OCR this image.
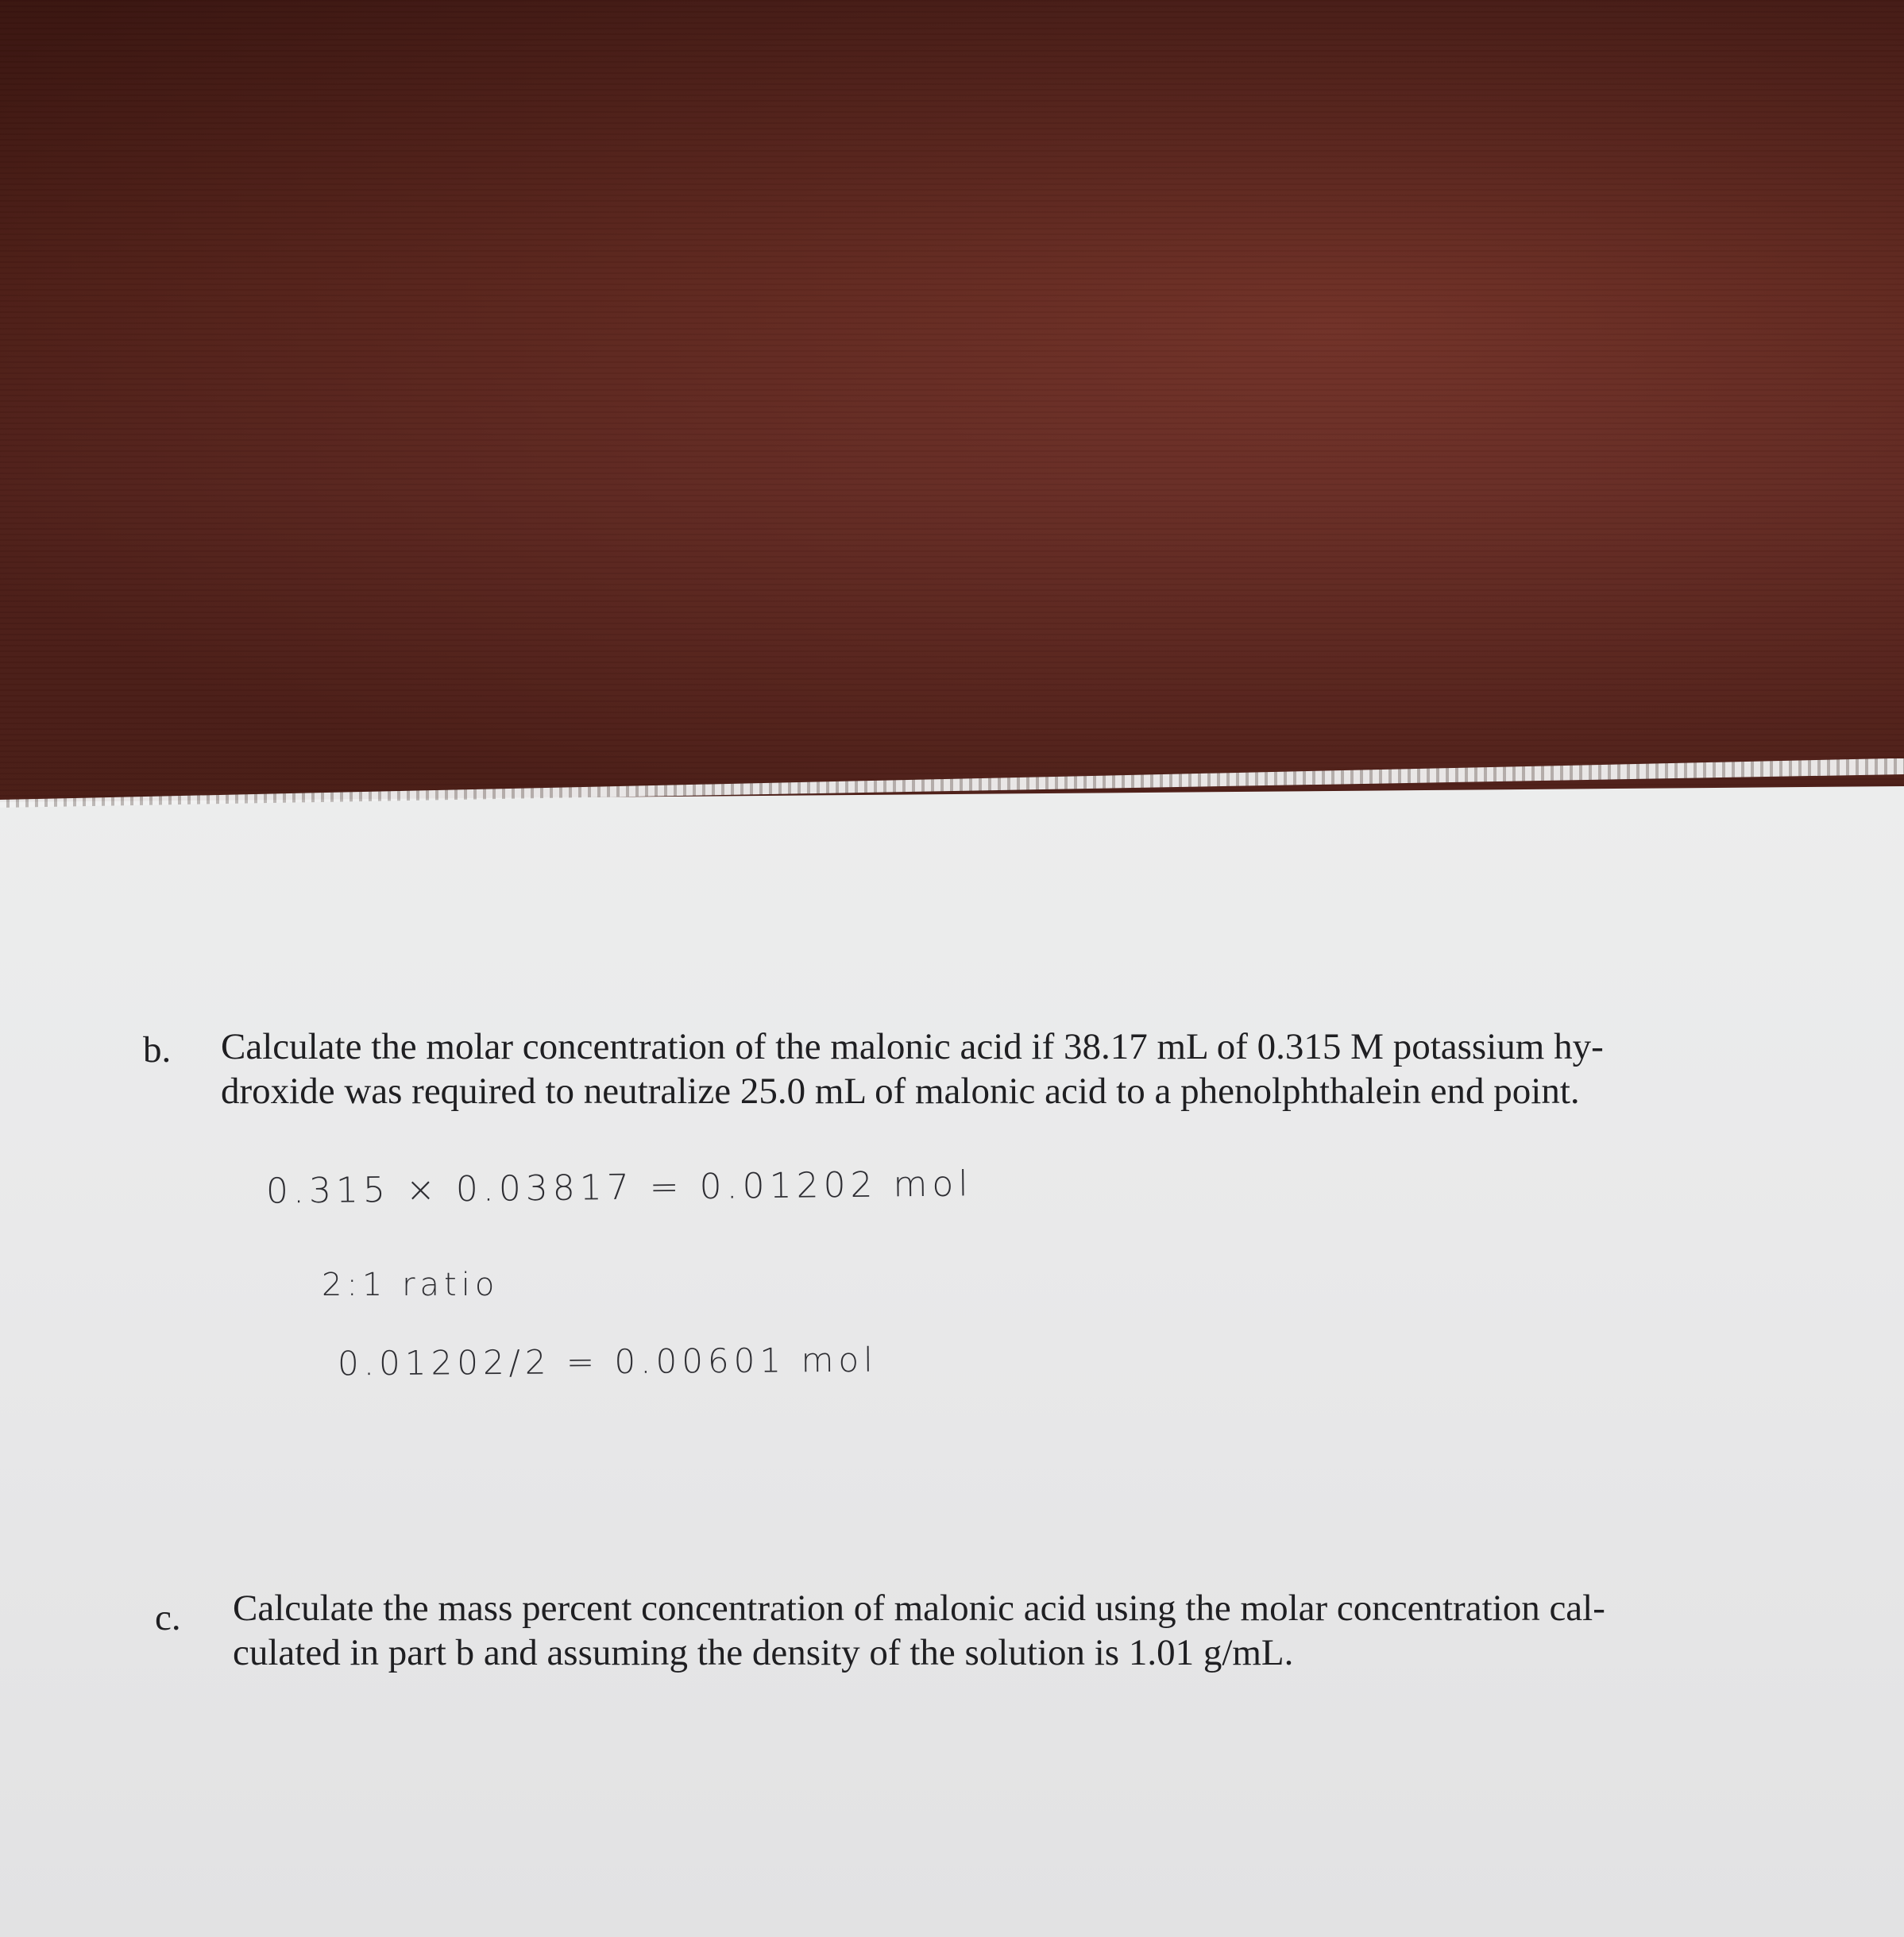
b. Calculate the molar concentration of the malonic acid if 38.17 mL of 0.315 M potassium hy-
droxide was required to neutralize 25.0 mL of malonic acid to a phenolphthalein end point.
0.315 × 0.03817 = 0.01202 mol
2:1 ratio
0.01202/2 = 0.00601 mol
c. Calculate the mass percent concentration of malonic acid using the molar concentration cal-
culated in part b and assuming the density of the solution is 1.01 g/mL.
